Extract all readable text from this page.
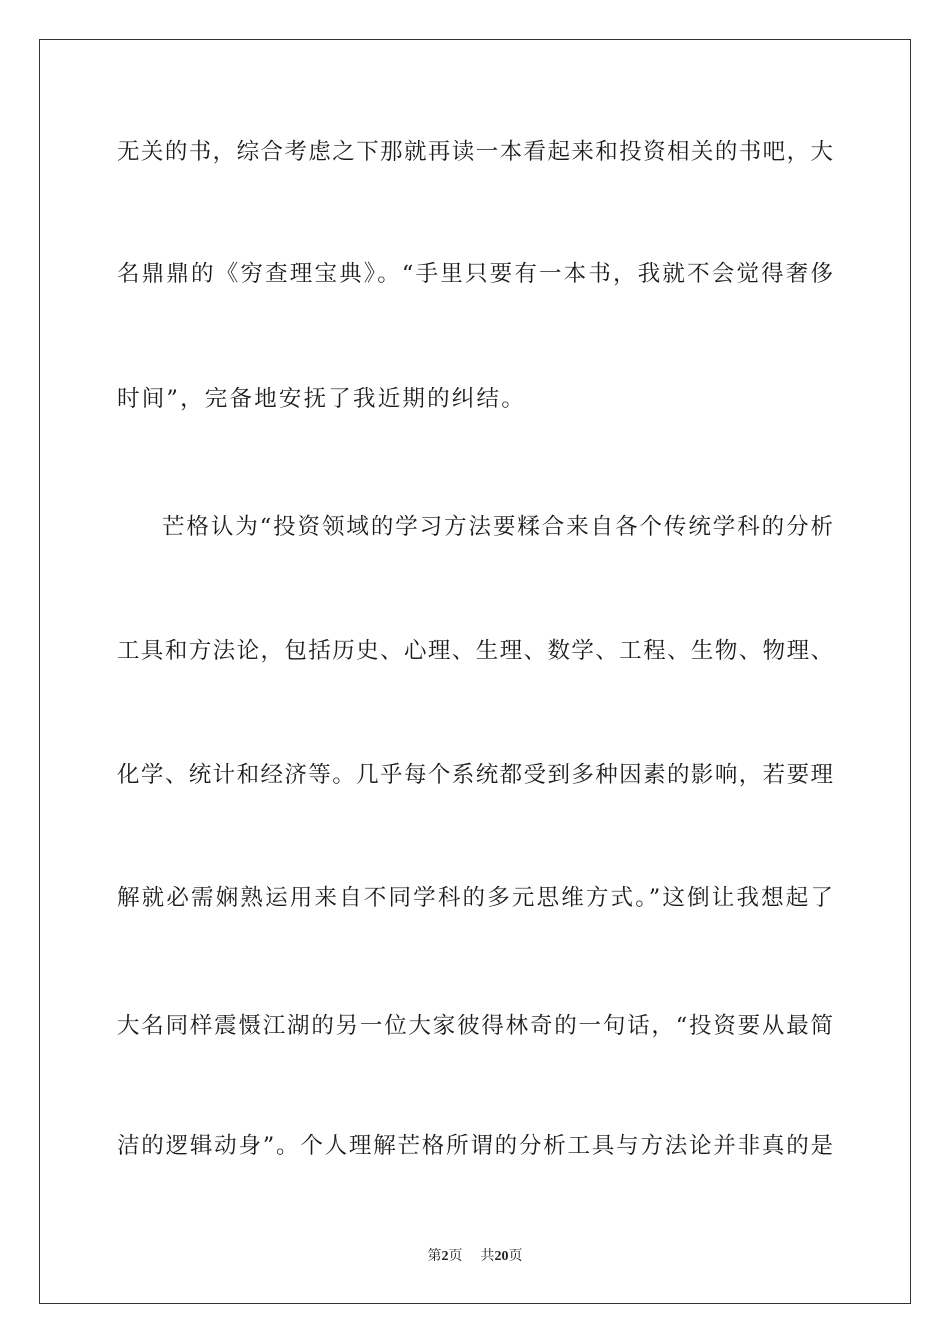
无关的书，综合考虑之下那就再读一本看起来和投资相关的书吧，大
名鼎鼎的《穷查理宝典》。“手里只要有一本书，我就不会觉得奢侈
时间”，完备地安抚了我近期的纠结。
芒格认为“投资领域的学习方法要糅合来自各个传统学科的分析
工具和方法论，包括历史、心理、生理、数学、工程、生物、物理、
化学、统计和经济等。几乎每个系统都受到多种因素的影响，若要理
解就必需娴熟运用来自不同学科的多元思维方式。”这倒让我想起了
大名同样震慑江湖的另一位大家彼得林奇的一句话，“投资要从最简
洁的逻辑动身”。个人理解芒格所谓的分析工具与方法论并非真的是
第2页 共20页
